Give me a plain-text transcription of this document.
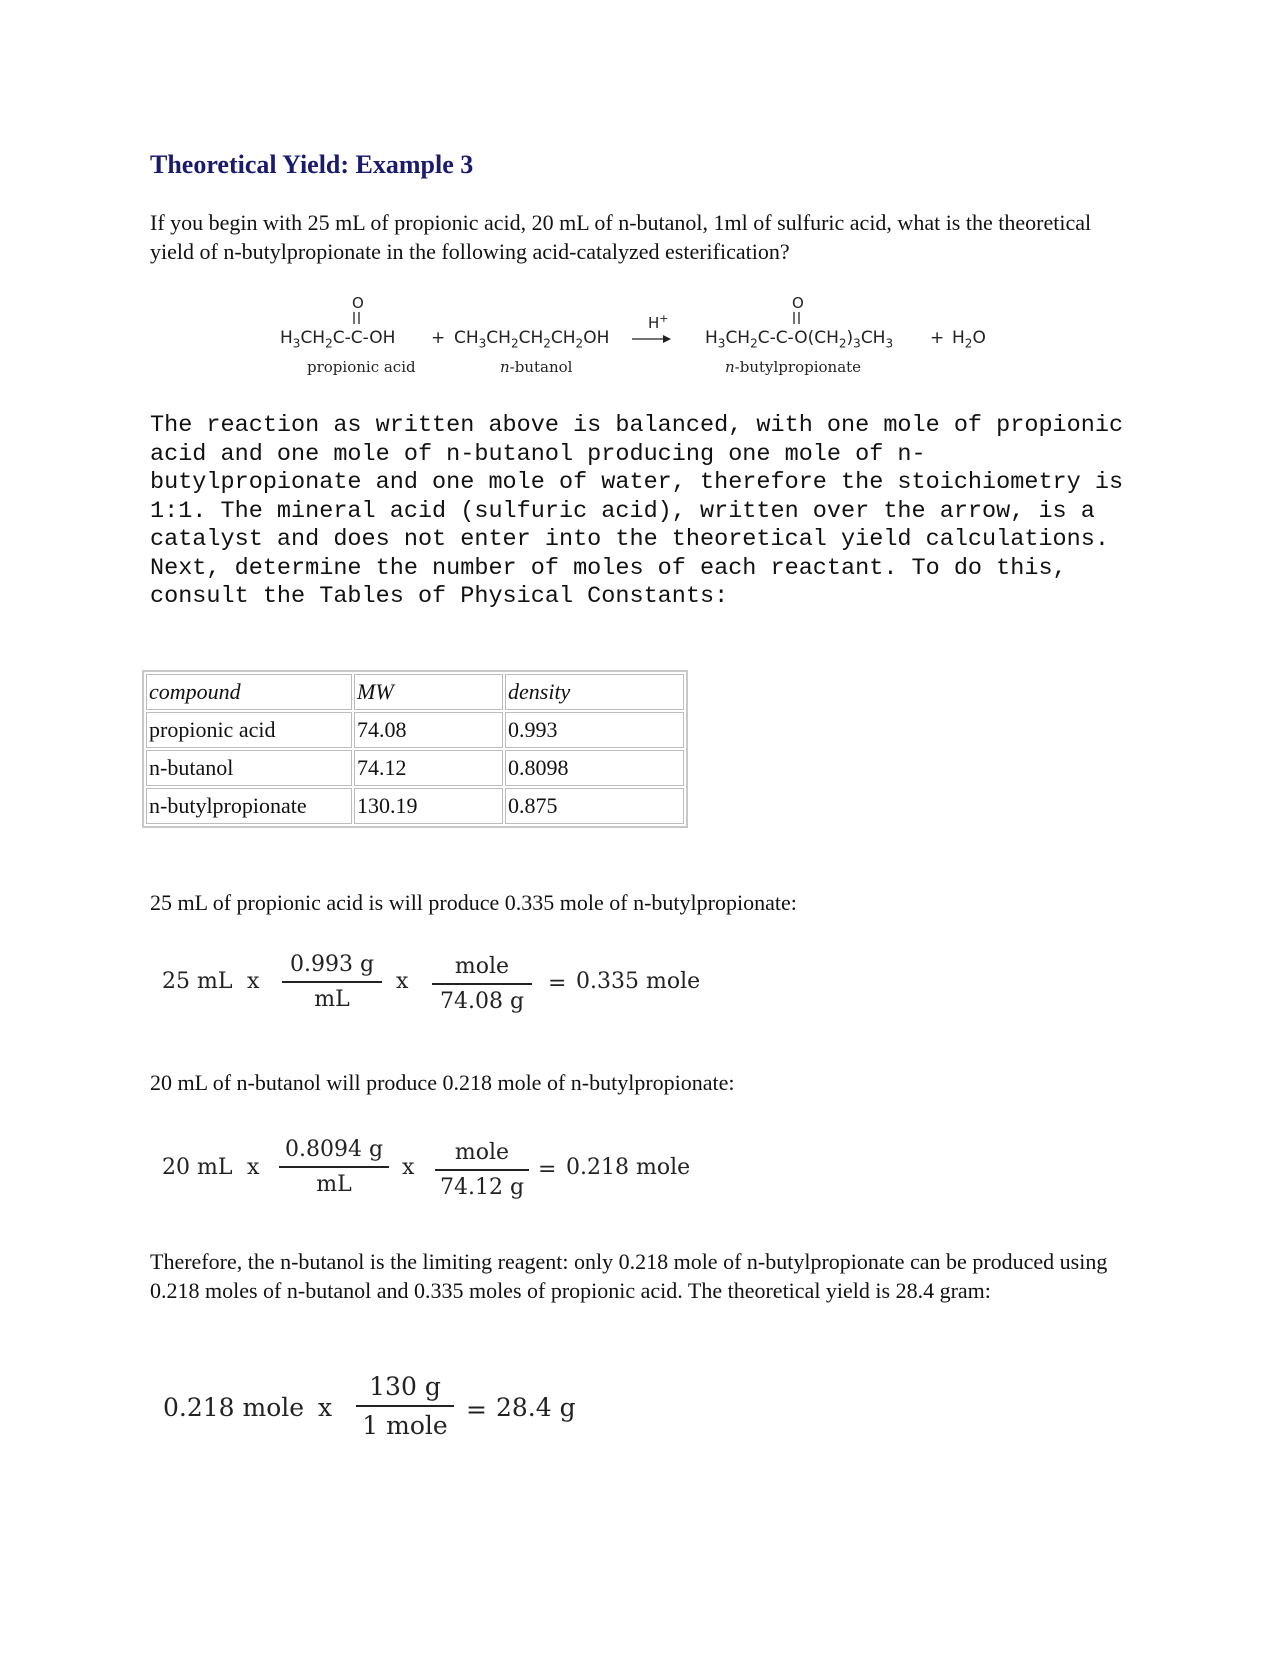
Theoretical Yield: Example 3

If you begin with 25 mL of propionic acid, 20 mL of n-butanol, 1ml of sulfuric acid, what is the theoretical yield of n-butylpropionate in the following acid-catalyzed esterification?

O	O
$H_3CH_2C-C-OH + CH_3CH_2CH_2CH_2OH$
H+
$H_3CH_2C-C-O(CH_2)_3CH_3 + H_2O$
propionic acid	n-butanol	n-butylpropionate

The reaction as written above is balanced, with one mole of propionic acid and one mole of n-butanol producing one mole of n-butylpropionate and one mole of water, therefore the stoichiometry is 1:1. The mineral acid (sulfuric acid), written over the arrow, is a catalyst and does not enter into the theoretical yield calculations. Next, determine the number of moles of each reactant. To do this, consult the Tables of Physical Constants:

compound	MW	density
propionic acid	74.08	0.993
n-butanol	74.12	0.8098
n-butylpropionate	130.19	0.875

25 mL of propionic acid is will produce 0.335 mole of n-butylpropionate:

25 mL x
0.993 g
mL
x
mole
74.08 g
= 0.335 mole

20 mL of n-butanol will produce 0.218 mole of n-butylpropionate:

20 mL x
0.8094 g
mL
x
mole
74.12 g
= 0.218 mole

Therefore, the n-butanol is the limiting reagent: only 0.218 mole of n-butylpropionate can be produced using 0.218 moles of n-butanol and 0.335 moles of propionic acid. The theoretical yield is 28.4 gram:

0.218 mole x
130 g
1 mole
= 28.4 g
